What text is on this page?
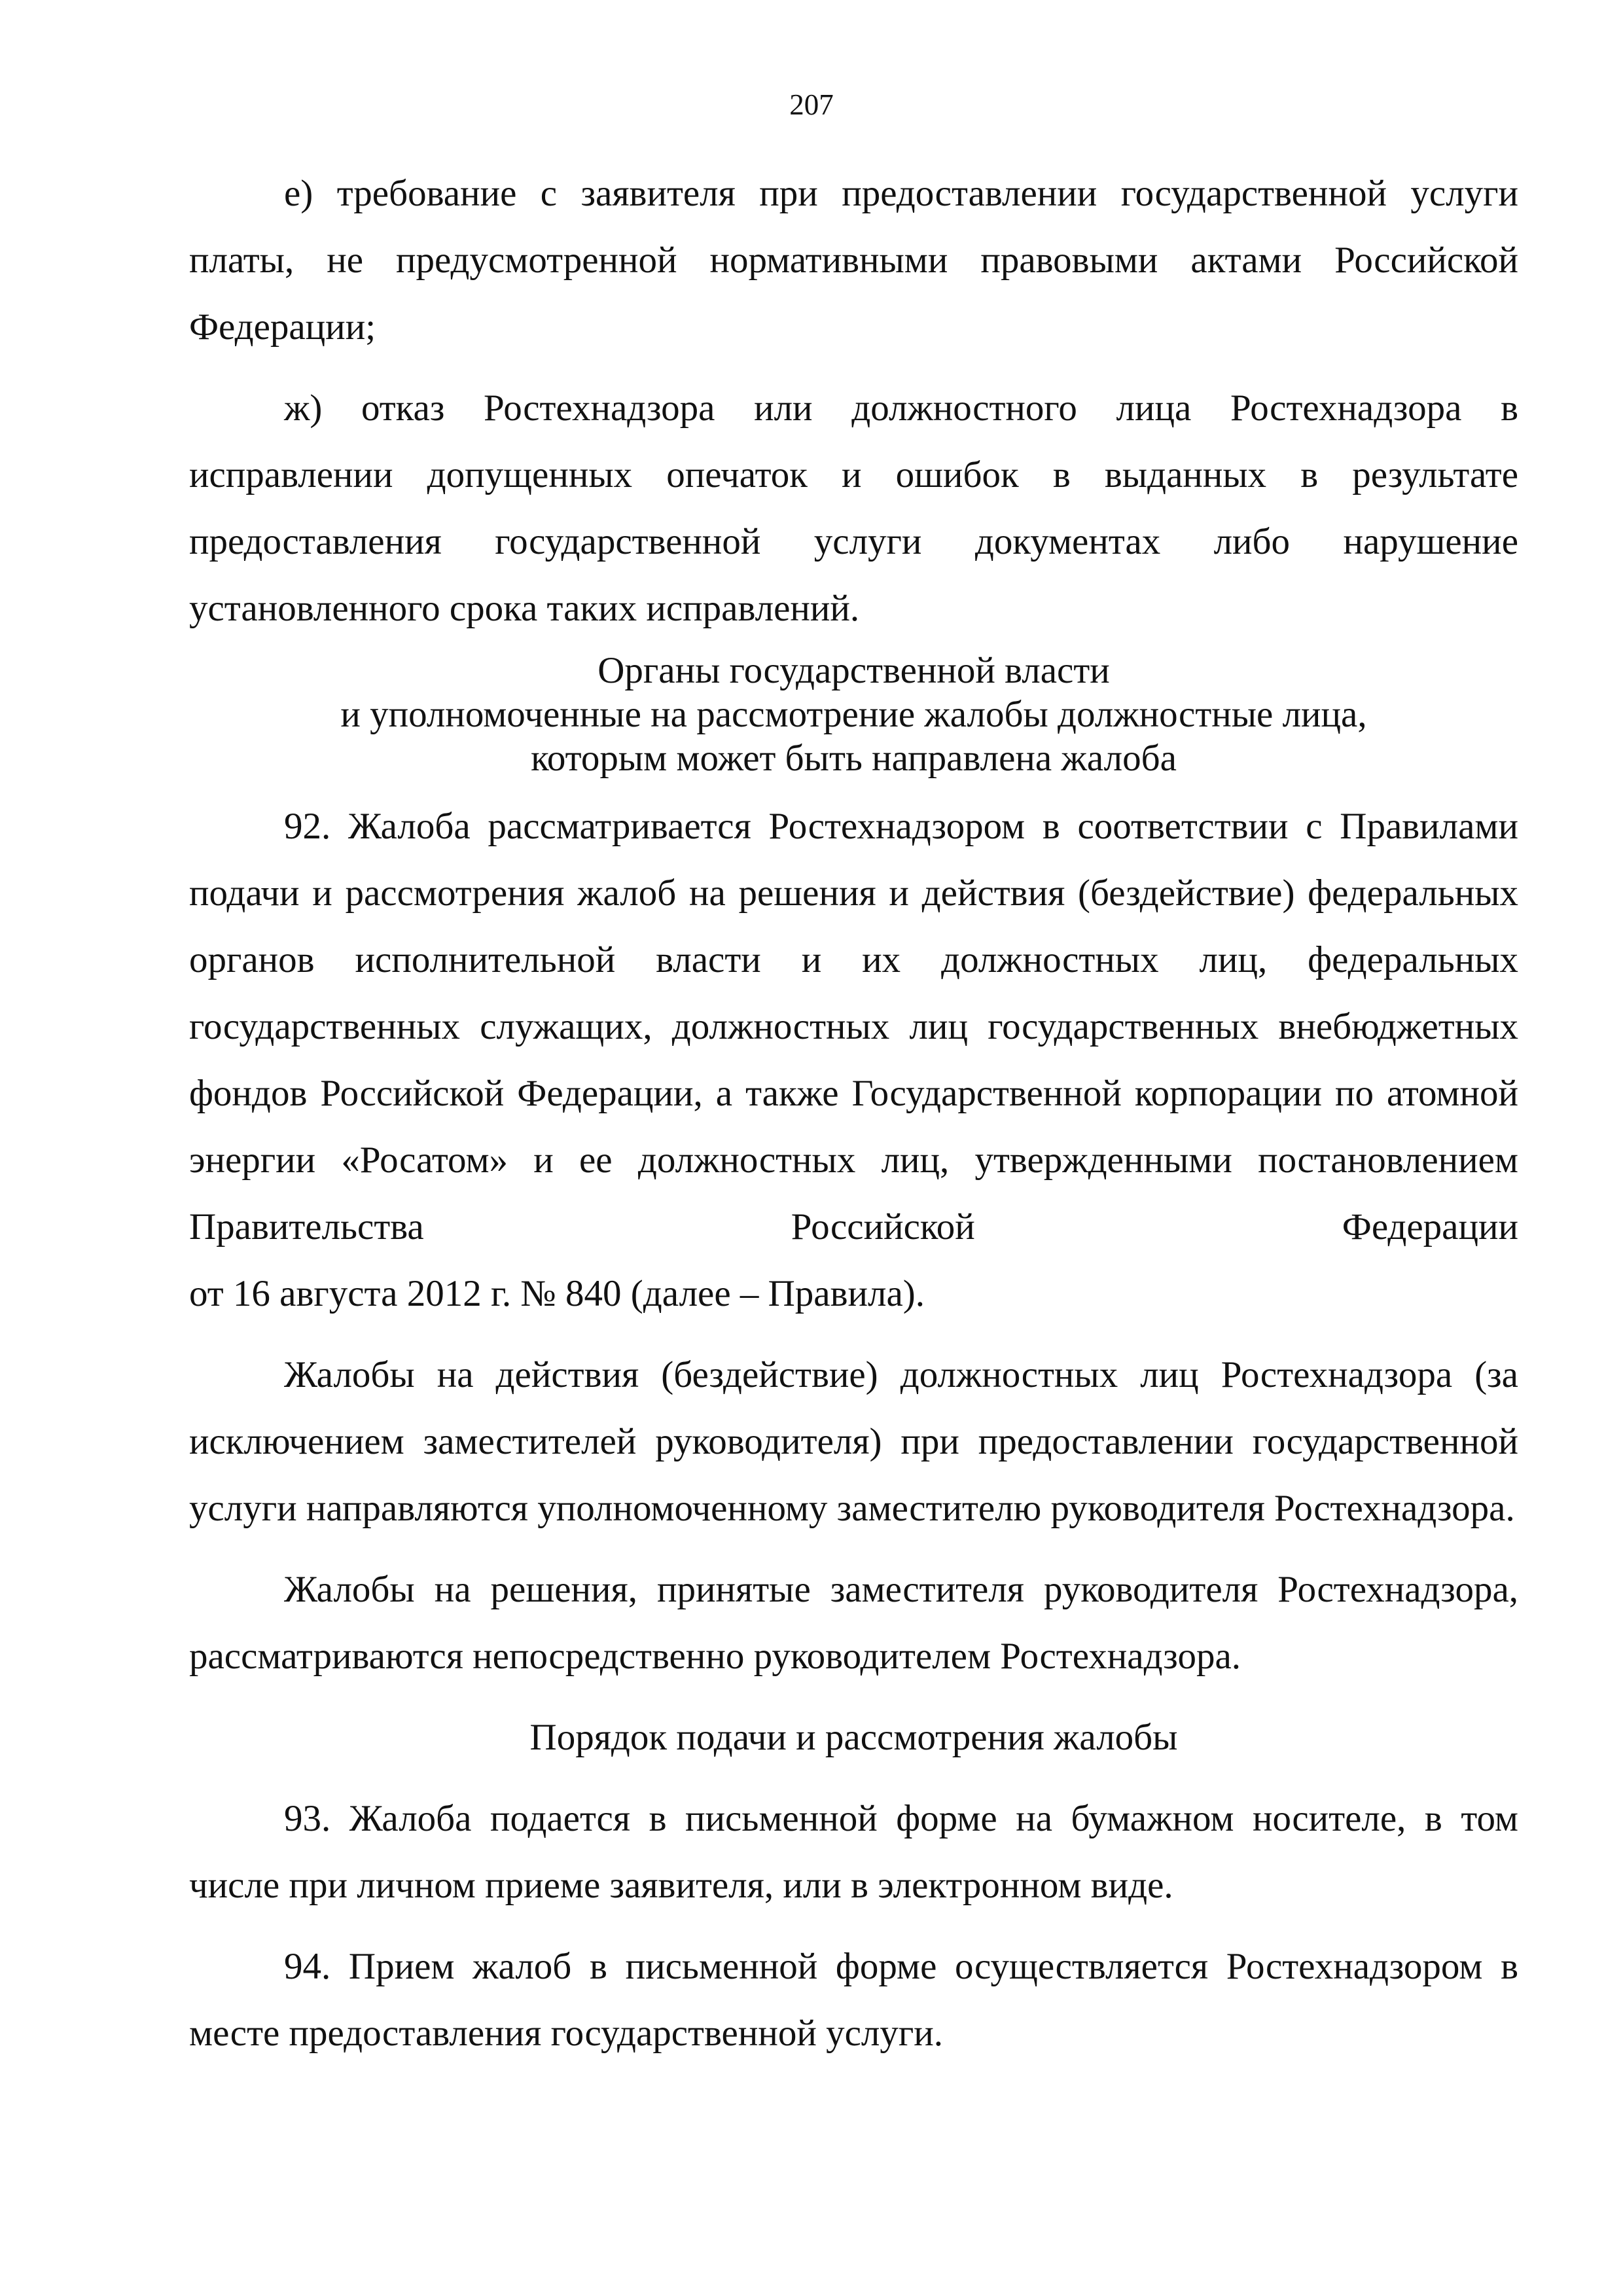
207

е) требование с заявителя при предоставлении государственной услуги платы, не предусмотренной нормативными правовыми актами Российской Федерации;

ж) отказ Ростехнадзора или должностного лица Ростехнадзора в исправлении допущенных опечаток и ошибок в выданных в результате предоставления государственной услуги документах либо нарушение установленного срока таких исправлений.

Органы государственной власти

и уполномоченные на рассмотрение жалобы должностные лица,

которым может быть направлена жалоба

92. Жалоба рассматривается Ростехнадзором в соответствии с Правилами подачи и рассмотрения жалоб на решения и действия (бездействие) федеральных органов исполнительной власти и их должностных лиц, федеральных государственных служащих, должностных лиц государственных внебюджетных фондов Российской Федерации, а также Государственной корпорации по атомной энергии «Росатом» и ее должностных лиц, утвержденными постановлением Правительства Российской Федерации

от 16 августа 2012 г. № 840 (далее – Правила).

Жалобы на действия (бездействие) должностных лиц Ростехнадзора (за исключением заместителей руководителя) при предоставлении государственной услуги направляются уполномоченному заместителю руководителя Ростехнадзора.

Жалобы на решения, принятые заместителя руководителя Ростехнадзора, рассматриваются непосредственно руководителем Ростехнадзора.

Порядок подачи и рассмотрения жалобы

93. Жалоба подается в письменной форме на бумажном носителе, в том числе при личном приеме заявителя, или в электронном виде.

94. Прием жалоб в письменной форме осуществляется Ростехнадзором в месте предоставления государственной услуги.
